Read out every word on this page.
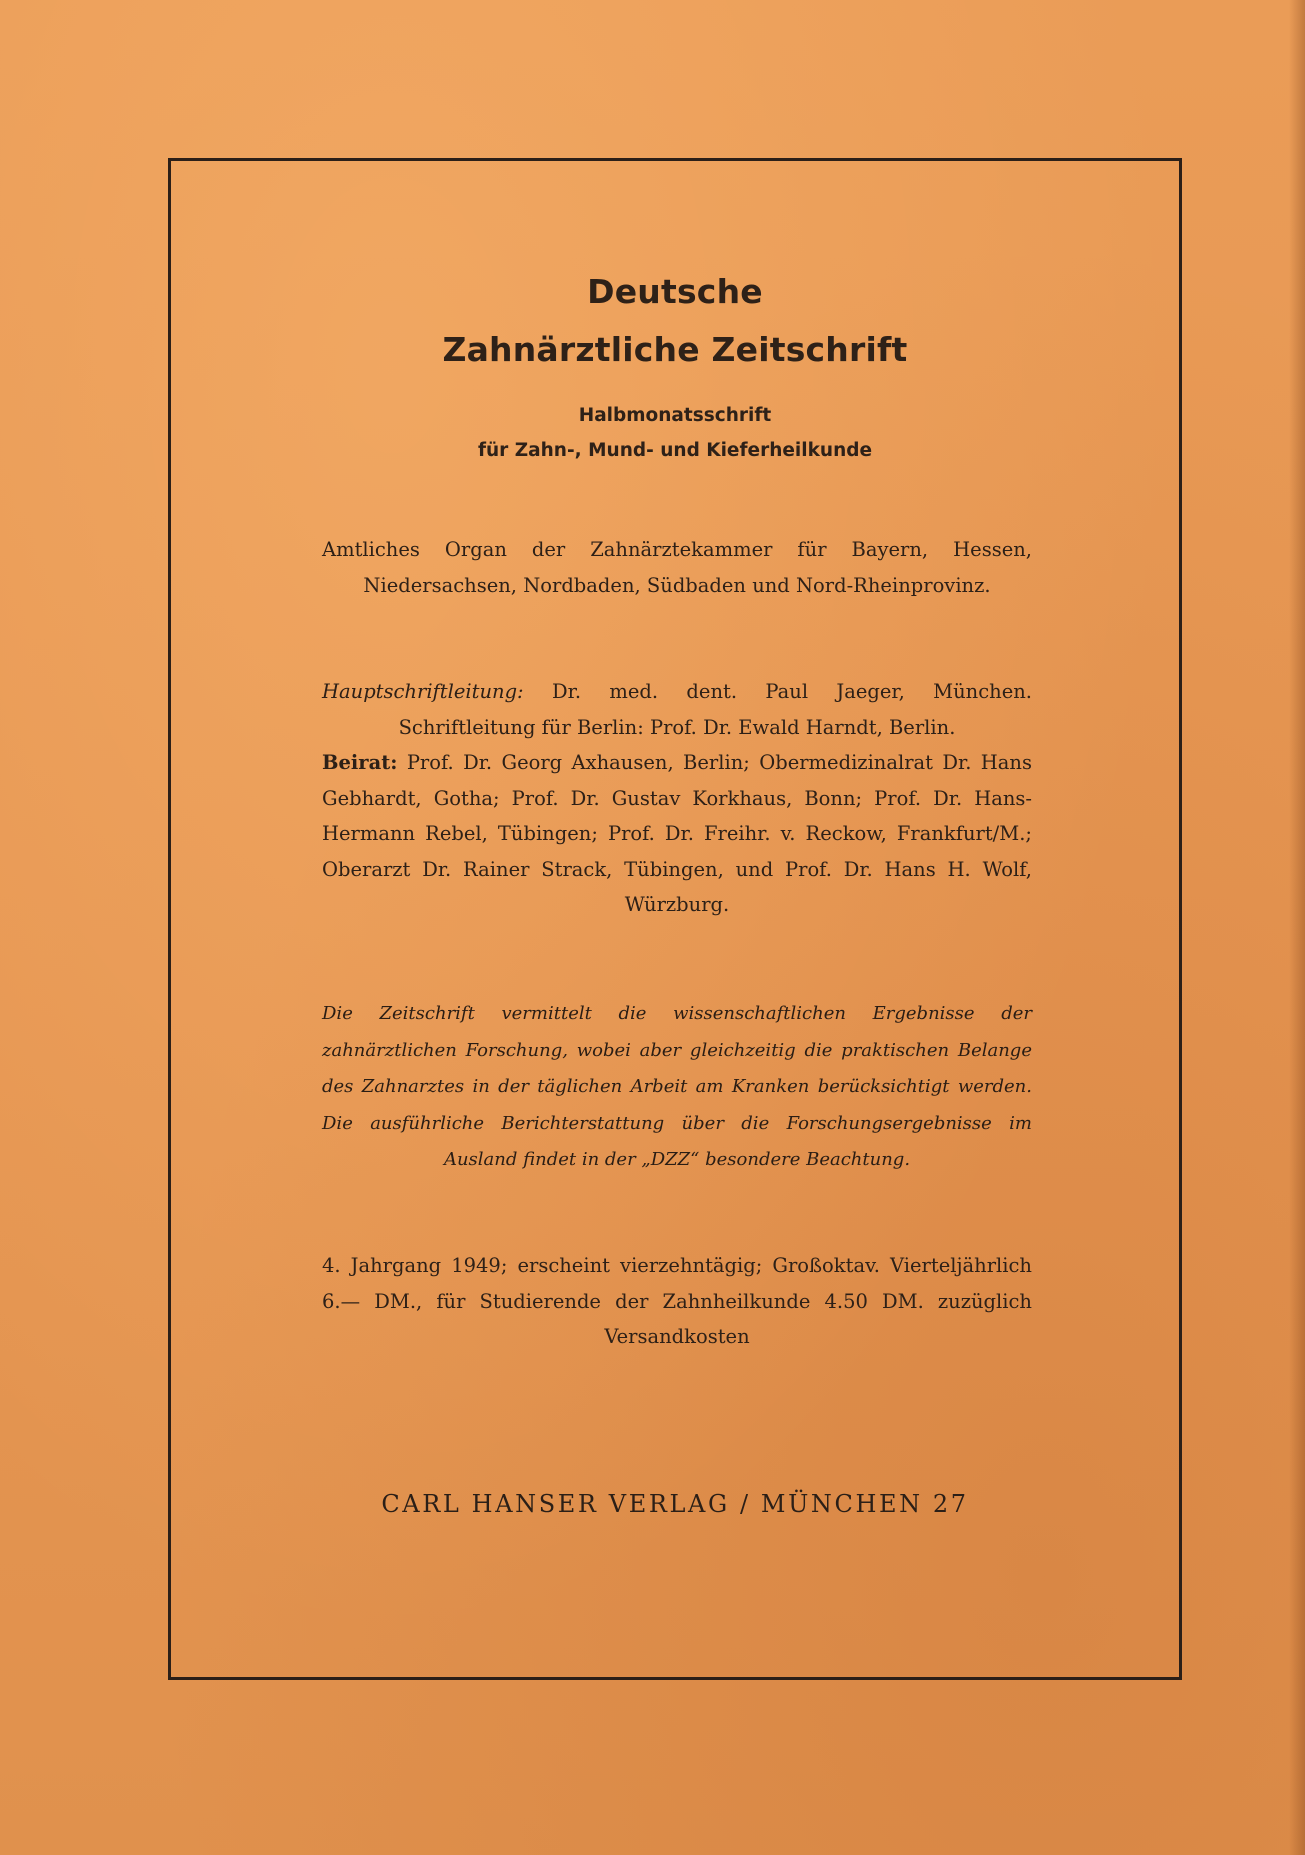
Deutsche
Zahnärztliche Zeitschrift
Halbmonatsschrift
für Zahn-, Mund- und Kieferheilkunde
Amtliches Organ der Zahnärztekammer für Bayern, Hessen, Niedersachsen, Nordbaden, Südbaden und Nord-Rheinprovinz.
Hauptschriftleitung: Dr. med. dent. Paul Jaeger, München. Schriftleitung für Berlin: Prof. Dr. Ewald Harndt, Berlin.
Beirat: Prof. Dr. Georg Axhausen, Berlin; Obermedizinalrat Dr. Hans Gebhardt, Gotha; Prof. Dr. Gustav Korkhaus, Bonn; Prof. Dr. Hans-Hermann Rebel, Tübingen; Prof. Dr. Freihr. v. Reckow, Frankfurt/M.; Oberarzt Dr. Rainer Strack, Tübingen, und Prof. Dr. Hans H. Wolf, Würzburg.
Die Zeitschrift vermittelt die wissenschaftlichen Ergebnisse der zahnärztlichen Forschung, wobei aber gleichzeitig die praktischen Belange des Zahnarztes in der täglichen Arbeit am Kranken berücksichtigt werden. Die ausführliche Berichterstattung über die Forschungsergebnisse im Ausland findet in der „DZZ“ besondere Beachtung.
4. Jahrgang 1949; erscheint vierzehntägig; Großoktav. Vierteljährlich 6.— DM., für Studierende der Zahnheilkunde 4.50 DM. zuzüglich Versandkosten
CARL HANSER VERLAG / MÜNCHEN 27
